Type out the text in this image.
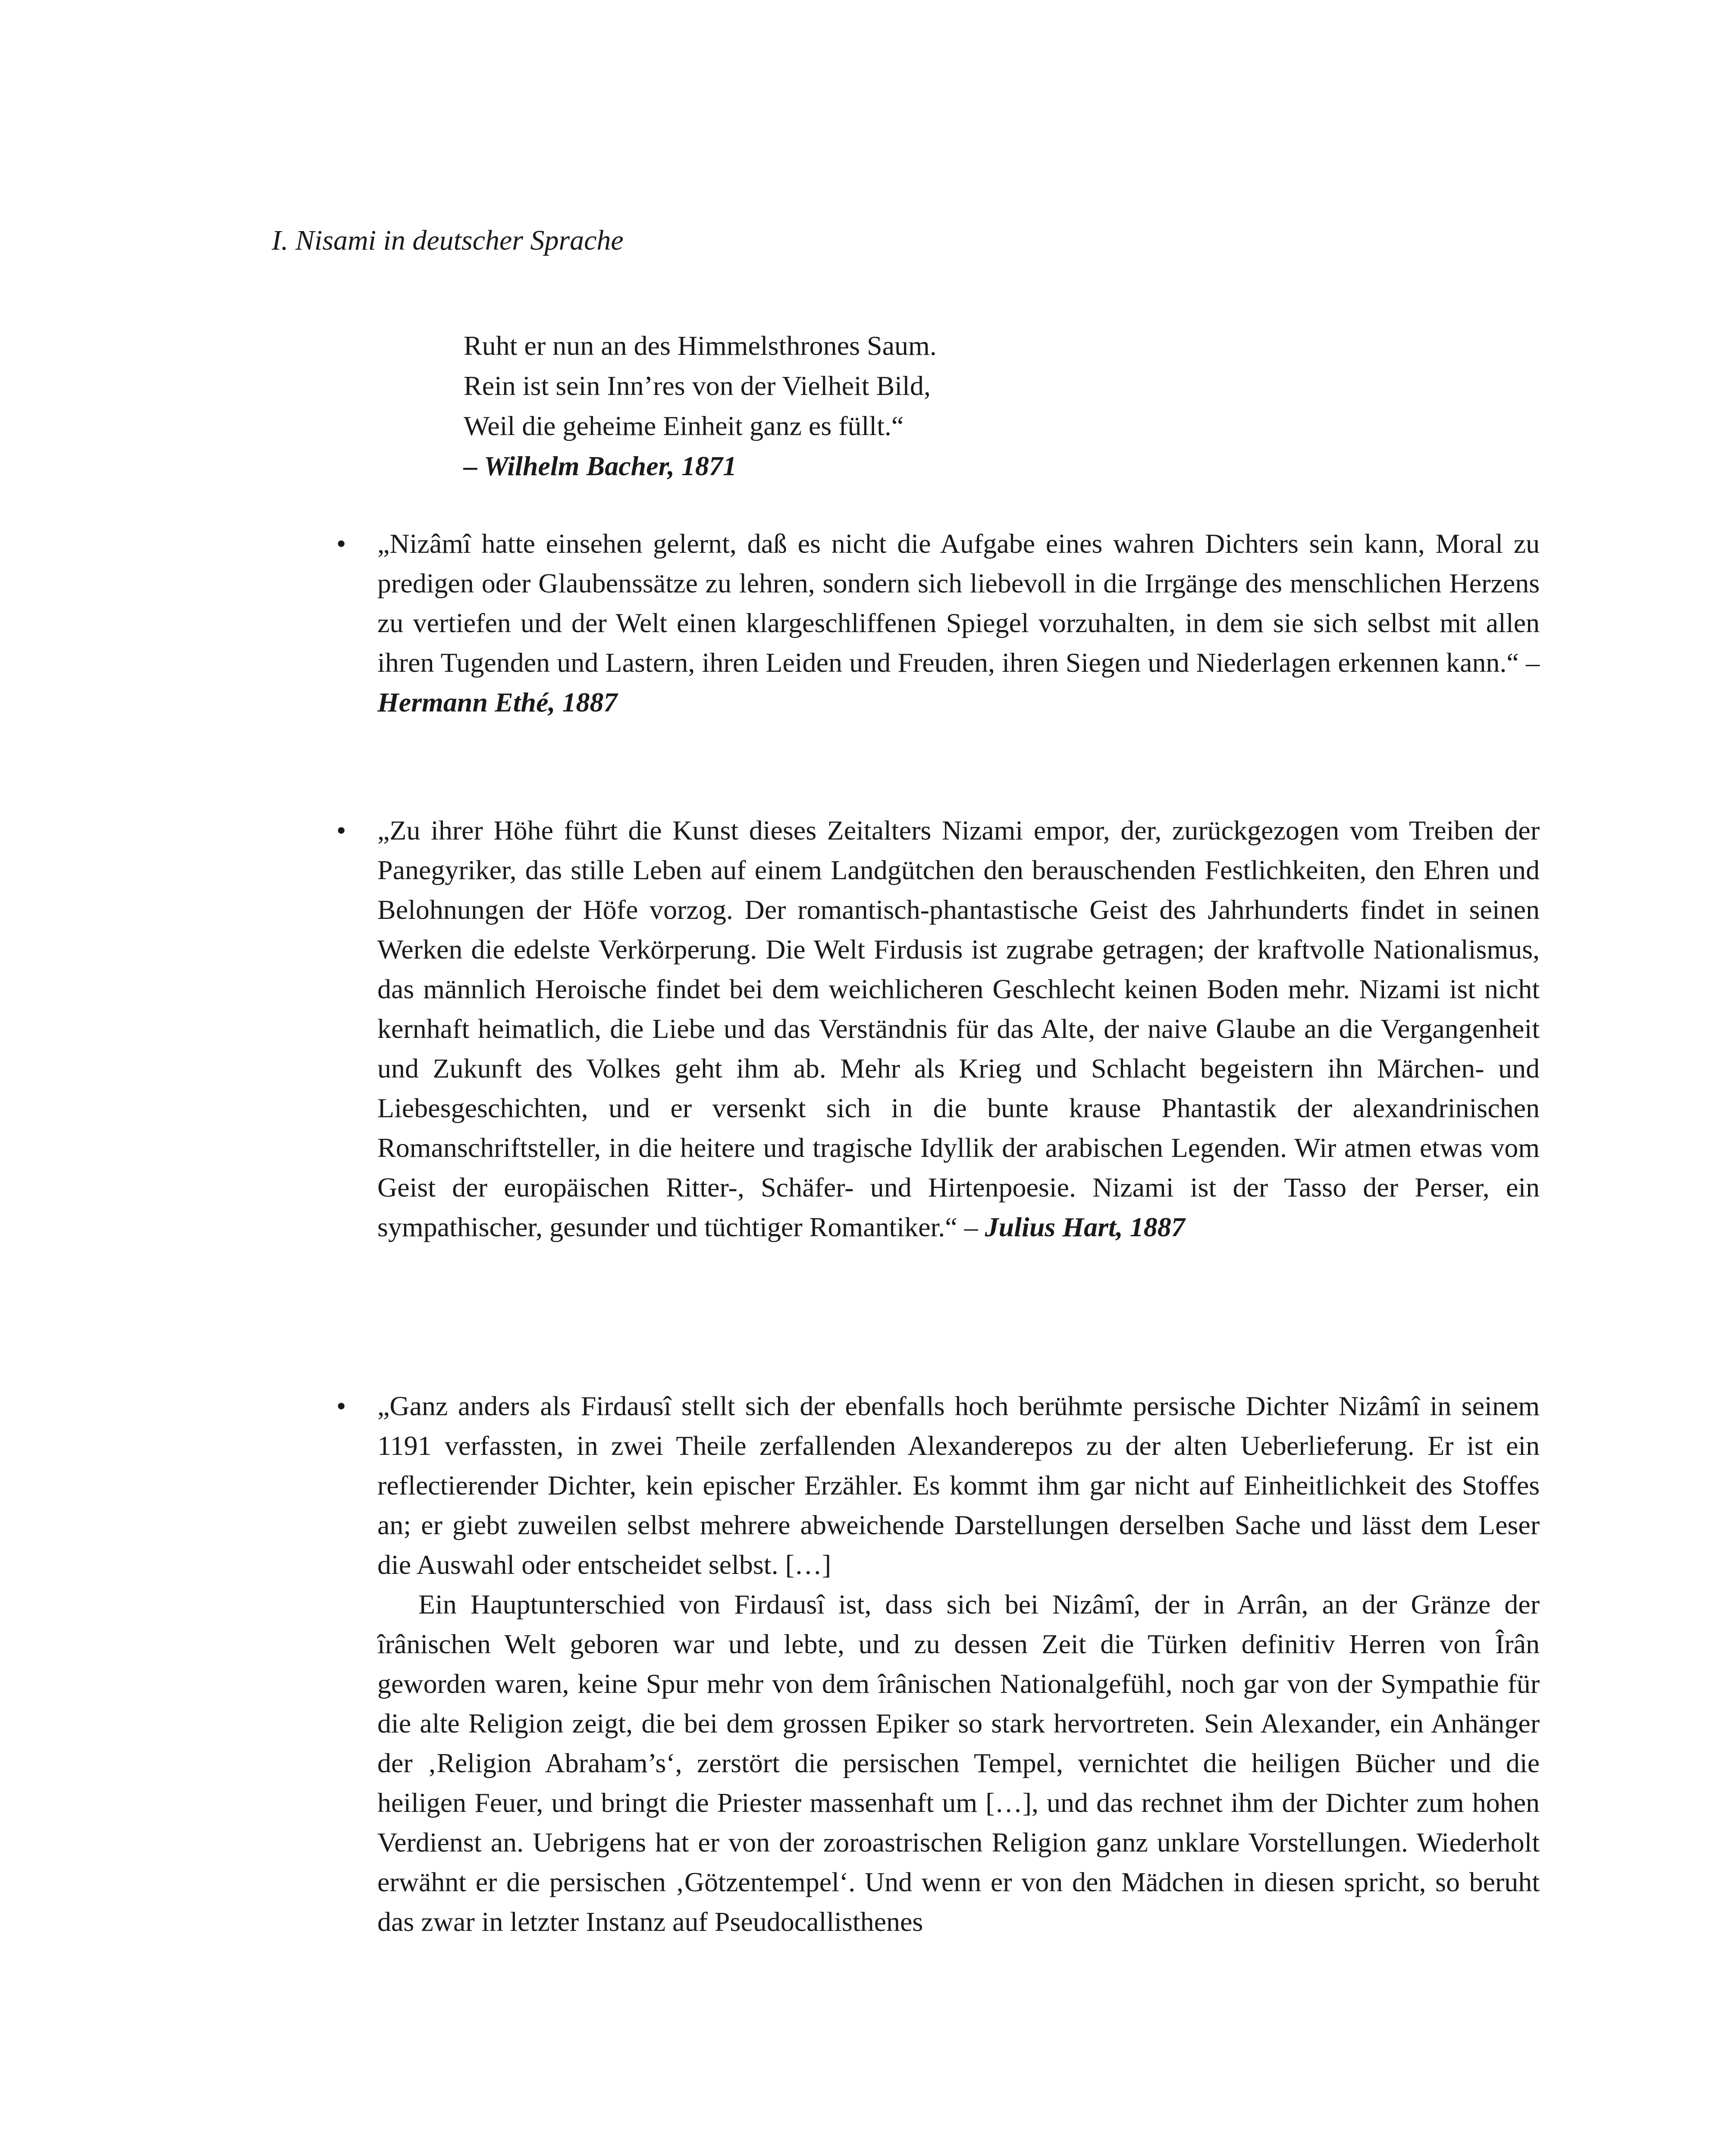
I. Nisami in deutscher Sprache
Ruht er nun an des Himmelsthrones Saum.
Rein ist sein Inn’res von der Vielheit Bild,
Weil die geheime Einheit ganz es füllt.“
– Wilhelm Bacher, 1871
• „Nizâmî hatte einsehen gelernt, daß es nicht die Aufgabe eines wahren Dichters sein kann, Moral zu predigen oder Glaubenssätze zu lehren, sondern sich liebevoll in die Irrgänge des menschlichen Herzens zu vertiefen und der Welt einen klargeschliffenen Spiegel vorzuhalten, in dem sie sich selbst mit allen ihren Tugenden und Lastern, ihren Leiden und Freuden, ihren Siegen und Niederlagen erkennen kann.“ – Hermann Ethé, 1887

• „Zu ihrer Höhe führt die Kunst dieses Zeitalters Nizami empor, der, zurückgezogen vom Treiben der Panegyriker, das stille Leben auf einem Landgütchen den berauschenden Festlichkeiten, den Ehren und Belohnungen der Höfe vorzog. Der romantisch-phantastische Geist des Jahrhunderts findet in seinen Werken die edelste Verkörperung. Die Welt Firdusis ist zugrabe getragen; der kraftvolle Nationalismus, das männlich Heroische findet bei dem weichlicheren Geschlecht keinen Boden mehr. Nizami ist nicht kernhaft heimatlich, die Liebe und das Verständnis für das Alte, der naive Glaube an die Vergangenheit und Zukunft des Volkes geht ihm ab. Mehr als Krieg und Schlacht begeistern ihn Märchen- und Liebesgeschichten, und er versenkt sich in die bunte krause Phantastik der alexandrinischen Romanschriftsteller, in die heitere und tragische Idyllik der arabischen Legenden. Wir atmen etwas vom Geist der europäischen Ritter-, Schäfer- und Hirtenpoesie. Nizami ist der Tasso der Perser, ein sympathischer, gesunder und tüchtiger Romantiker.“ – Julius Hart, 1887

• „Ganz anders als Firdausî stellt sich der ebenfalls hoch berühmte persische Dichter Nizâmî in seinem 1191 verfassten, in zwei Theile zerfallenden Alexanderepos zu der alten Ueberlieferung. Er ist ein reflectierender Dichter, kein epischer Erzähler. Es kommt ihm gar nicht auf Einheitlichkeit des Stoffes an; er giebt zuweilen selbst mehrere abweichende Darstellungen derselben Sache und lässt dem Leser die Auswahl oder entscheidet selbst. […]

Ein Hauptunterschied von Firdausî ist, dass sich bei Nizâmî, der in Arrân, an der Gränze der îrânischen Welt geboren war und lebte, und zu dessen Zeit die Türken definitiv Herren von Îrân geworden waren, keine Spur mehr von dem îrânischen Nationalgefühl, noch gar von der Sympathie für die alte Religion zeigt, die bei dem grossen Epiker so stark hervortreten. Sein Alexander, ein Anhänger der ‚Religion Abraham’s‘, zerstört die persischen Tempel, vernichtet die heiligen Bücher und die heiligen Feuer, und bringt die Priester massenhaft um […], und das rechnet ihm der Dichter zum hohen Verdienst an. Uebrigens hat er von der zoroastrischen Religion ganz unklare Vorstellungen. Wiederholt erwähnt er die persischen ‚Götzentempel‘. Und wenn er von den Mädchen in diesen spricht, so beruht das zwar in letzter Instanz auf Pseudocallisthenes
